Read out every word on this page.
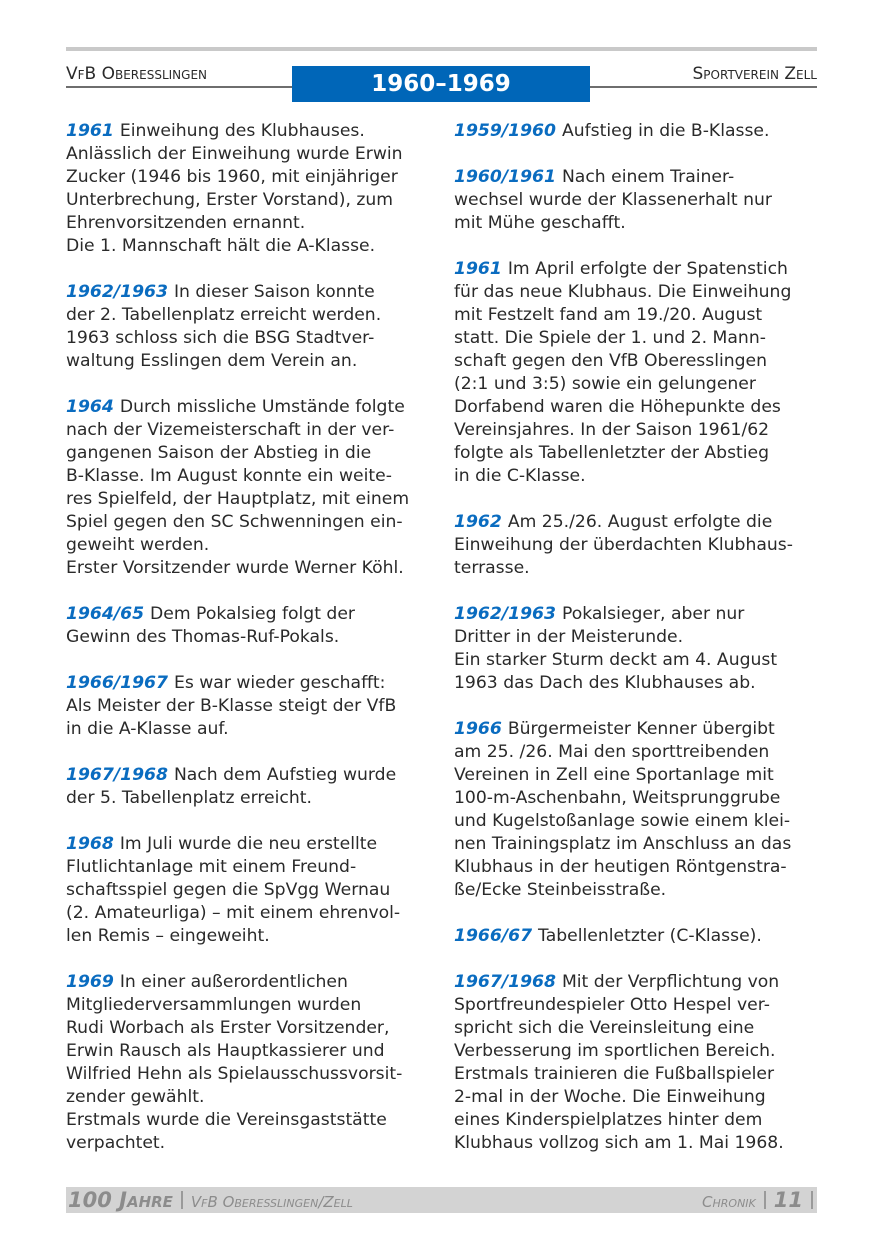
VfB Oberesslingen	Sportverein Zell
1960–1969
1961 Einweihung des Klubhauses.
Anlässlich der Einweihung wurde Erwin
Zucker (1946 bis 1960, mit einjähriger
Unterbrechung, Erster Vorstand), zum
Ehrenvorsitzenden ernannt.
Die 1. Mannschaft hält die A-Klasse.
1962/1963 In dieser Saison konnte
der 2. Tabellenplatz erreicht werden.
1963 schloss sich die BSG Stadtver-
waltung Esslingen dem Verein an.
1964 Durch missliche Umstände folgte
nach der Vizemeisterschaft in der ver-
gangenen Saison der Abstieg in die
B-Klasse. Im August konnte ein weite-
res Spielfeld, der Hauptplatz, mit einem
Spiel gegen den SC Schwenningen ein-
geweiht werden.
Erster Vorsitzender wurde Werner Köhl.
1964/65 Dem Pokalsieg folgt der
Gewinn des Thomas-Ruf-Pokals.
1966/1967 Es war wieder geschafft:
Als Meister der B-Klasse steigt der VfB
in die A-Klasse auf.
1967/1968 Nach dem Aufstieg wurde
der 5. Tabellenplatz erreicht.
1968 Im Juli wurde die neu erstellte
Flutlichtanlage mit einem Freund-
schaftsspiel gegen die SpVgg Wernau
(2. Amateurliga) – mit einem ehrenvol-
len Remis – eingeweiht.
1969 In einer außerordentlichen
Mitgliederversammlungen wurden
Rudi Worbach als Erster Vorsitzender,
Erwin Rausch als Hauptkassierer und
Wilfried Hehn als Spielausschussvorsit-
zender gewählt.
Erstmals wurde die Vereinsgaststätte
verpachtet.
1959/1960 Aufstieg in die B-Klasse.
1960/1961 Nach einem Trainer-
wechsel wurde der Klassenerhalt nur
mit Mühe geschafft.
1961 Im April erfolgte der Spatenstich
für das neue Klubhaus. Die Einweihung
mit Festzelt fand am 19./20. August
statt. Die Spiele der 1. und 2. Mann-
schaft gegen den VfB Oberesslingen
(2:1 und 3:5) sowie ein gelungener
Dorfabend waren die Höhepunkte des
Vereinsjahres. In der Saison 1961/62
folgte als Tabellenletzter der Abstieg
in die C-Klasse.
1962 Am 25./26. August erfolgte die
Einweihung der überdachten Klubhaus-
terrasse.
1962/1963 Pokalsieger, aber nur
Dritter in der Meisterunde.
Ein starker Sturm deckt am 4. August
1963 das Dach des Klubhauses ab.
1966 Bürgermeister Kenner übergibt
am 25. /26. Mai den sporttreibenden
Vereinen in Zell eine Sportanlage mit
100-m-Aschenbahn, Weitsprunggrube
und Kugelstoßanlage sowie einem klei-
nen Trainingsplatz im Anschluss an das
Klubhaus in der heutigen Röntgenstra-
ße/Ecke Steinbeisstraße.
1966/67 Tabellenletzter (C-Klasse).
1967/1968 Mit der Verpflichtung von
Sportfreundespieler Otto Hespel ver-
spricht sich die Vereinsleitung eine
Verbesserung im sportlichen Bereich.
Erstmals trainieren die Fußballspieler
2-mal in der Woche. Die Einweihung
eines Kinderspielplatzes hinter dem
Klubhaus vollzog sich am 1. Mai 1968.
100 Jahre VfB Oberesslingen/Zell	Chronik 11
